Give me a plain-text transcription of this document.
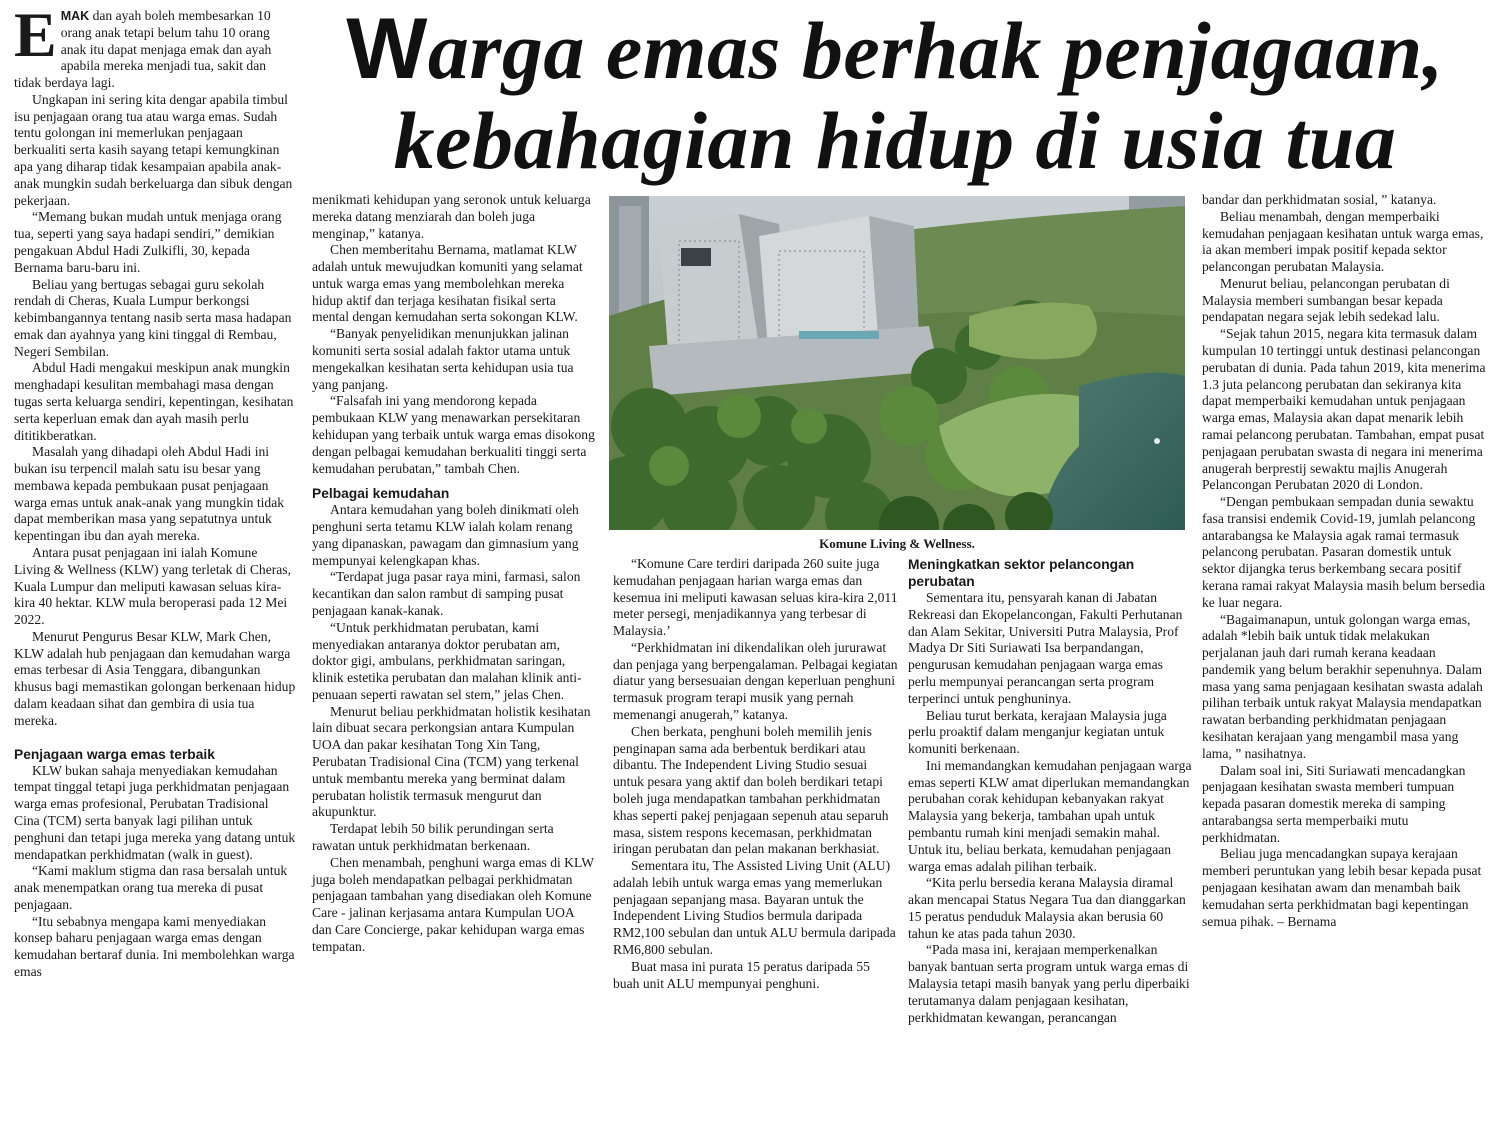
Warga emas berhak penjagaan,
kebahagian hidup di usia tua
Komune Living & Wellness.

EMAK dan ayah boleh membesarkan 10 orang anak tetapi belum tahu 10 orang anak itu dapat menjaga emak dan ayah apabila mereka menjadi tua, sakit dan tidak berdaya lagi.

Ungkapan ini sering kita dengar apabila timbul isu penjagaan orang tua atau warga emas. Sudah tentu golongan ini memerlukan penjagaan berkualiti serta kasih sayang tetapi kemungkinan apa yang diharap tidak kesampaian apabila anak-anak mungkin sudah berkeluarga dan sibuk dengan pekerjaan.

“Memang bukan mudah untuk menjaga orang tua, seperti yang saya hadapi sendiri,” demikian pengakuan Abdul Hadi Zulkifli, 30, kepada Bernama baru-baru ini.

Beliau yang bertugas sebagai guru sekolah rendah di Cheras, Kuala Lumpur berkongsi kebimbangannya tentang nasib serta masa hadapan emak dan ayahnya yang kini tinggal di Rembau, Negeri Sembilan.

Abdul Hadi mengakui meskipun anak mungkin menghadapi kesulitan membahagi masa dengan tugas serta keluarga sendiri, kepentingan, kesihatan serta keperluan emak dan ayah masih perlu dititikberatkan.

Masalah yang dihadapi oleh Abdul Hadi ini bukan isu terpencil malah satu isu besar yang membawa kepada pembukaan pusat penjagaan warga emas untuk anak-anak yang mungkin tidak dapat memberikan masa yang sepatutnya untuk kepentingan ibu dan ayah mereka.

Antara pusat penjagaan ini ialah Komune Living & Wellness (KLW) yang terletak di Cheras, Kuala Lumpur dan meliputi kawasan seluas kira-kira 40 hektar. KLW mula beroperasi pada 12 Mei 2022.

Menurut Pengurus Besar KLW, Mark Chen, KLW adalah hub penjagaan dan kemudahan warga emas terbesar di Asia Tenggara, dibangunkan khusus bagi memastikan golongan berkenaan hidup dalam keadaan sihat dan gembira di usia tua mereka.

Penjagaan warga emas terbaik

KLW bukan sahaja menyediakan kemudahan tempat tinggal tetapi juga perkhidmatan penjagaan warga emas profesional, Perubatan Tradisional Cina (TCM) serta banyak lagi pilihan untuk penghuni dan tetapi juga mereka yang datang untuk mendapatkan perkhidmatan (walk in guest).

“Kami maklum stigma dan rasa bersalah untuk anak menempatkan orang tua mereka di pusat penjagaan.

“Itu sebabnya mengapa kami menyediakan konsep baharu penjagaan warga emas dengan kemudahan bertaraf dunia. Ini membolehkan warga emas

menikmati kehidupan yang seronok untuk keluarga mereka datang menziarah dan boleh juga menginap,” katanya.

Chen memberitahu Bernama, matlamat KLW adalah untuk mewujudkan komuniti yang selamat untuk warga emas yang membolehkan mereka hidup aktif dan terjaga kesihatan fisikal serta mental dengan kemudahan serta sokongan KLW.

“Banyak penyelidikan menunjukkan jalinan komuniti serta sosial adalah faktor utama untuk mengekalkan kesihatan serta kehidupan usia tua yang panjang.

“Falsafah ini yang mendorong kepada pembukaan KLW yang menawarkan persekitaran kehidupan yang terbaik untuk warga emas disokong dengan pelbagai kemudahan berkualiti tinggi serta kemudahan perubatan,” tambah Chen.

Pelbagai kemudahan

Antara kemudahan yang boleh dinikmati oleh penghuni serta tetamu KLW ialah kolam renang yang dipanaskan, pawagam dan gimnasium yang mempunyai kelengkapan khas.

“Terdapat juga pasar raya mini, farmasi, salon kecantikan dan salon rambut di samping pusat penjagaan kanak-kanak.

“Untuk perkhidmatan perubatan, kami menyediakan antaranya doktor perubatan am, doktor gigi, ambulans, perkhidmatan saringan, klinik estetika perubatan dan malahan klinik anti-penuaan seperti rawatan sel stem,” jelas Chen.

Menurut beliau perkhidmatan holistik kesihatan lain dibuat secara perkongsian antara Kumpulan UOA dan pakar kesihatan Tong Xin Tang, Perubatan Tradisional Cina (TCM) yang terkenal untuk membantu mereka yang berminat dalam perubatan holistik termasuk mengurut dan akupunktur.

Terdapat lebih 50 bilik perundingan serta rawatan untuk perkhidmatan berkenaan.

Chen menambah, penghuni warga emas di KLW juga boleh mendapatkan pelbagai perkhidmatan penjagaan tambahan yang disediakan oleh Komune Care - jalinan kerjasama antara Kumpulan UOA dan Care Concierge, pakar kehidupan warga emas tempatan.

“Komune Care terdiri daripada 260 suite juga kemudahan penjagaan harian warga emas dan kesemua ini meliputi kawasan seluas kira-kira 2,011 meter persegi, menjadikannya yang terbesar di Malaysia.’

“Perkhidmatan ini dikendalikan oleh jururawat dan penjaga yang berpengalaman. Pelbagai kegiatan diatur yang bersesuaian dengan keperluan penghuni termasuk program terapi musik yang pernah memenangi anugerah,” katanya.

Chen berkata, penghuni boleh memilih jenis penginapan sama ada berbentuk berdikari atau dibantu. The Independent Living Studio sesuai untuk pesara yang aktif dan boleh berdikari tetapi boleh juga mendapatkan tambahan perkhidmatan khas seperti pakej penjagaan sepenuh atau separuh masa, sistem respons kecemasan, perkhidmatan iringan perubatan dan pelan makanan berkhasiat.

Sementara itu, The Assisted Living Unit (ALU) adalah lebih untuk warga emas yang memerlukan penjagaan sepanjang masa. Bayaran untuk the Independent Living Studios bermula daripada RM2,100 sebulan dan untuk ALU bermula daripada RM6,800 sebulan.

Buat masa ini purata 15 peratus daripada 55 buah unit ALU mempunyai penghuni.

Meningkatkan sektor pelancongan perubatan

Sementara itu, pensyarah kanan di Jabatan Rekreasi dan Ekopelancongan, Fakulti Perhutanan dan Alam Sekitar, Universiti Putra Malaysia, Prof Madya Dr Siti Suriawati Isa berpandangan, pengurusan kemudahan penjagaan warga emas perlu mempunyai perancangan serta program terperinci untuk penghuninya.

Beliau turut berkata, kerajaan Malaysia juga perlu proaktif dalam menganjur kegiatan untuk komuniti berkenaan.

Ini memandangkan kemudahan penjagaan warga emas seperti KLW amat diperlukan memandangkan perubahan corak kehidupan kebanyakan rakyat Malaysia yang bekerja, tambahan upah untuk pembantu rumah kini menjadi semakin mahal. Untuk itu, beliau berkata, kemudahan penjagaan warga emas adalah pilihan terbaik.

“Kita perlu bersedia kerana Malaysia diramal akan mencapai Status Negara Tua dan dianggarkan 15 peratus penduduk Malaysia akan berusia 60 tahun ke atas pada tahun 2030.

“Pada masa ini, kerajaan memperkenalkan banyak bantuan serta program untuk warga emas di Malaysia tetapi masih banyak yang perlu diperbaiki terutamanya dalam penjagaan kesihatan, perkhidmatan kewangan, perancangan

bandar dan perkhidmatan sosial, ” katanya.

Beliau menambah, dengan memperbaiki kemudahan penjagaan kesihatan untuk warga emas, ia akan memberi impak positif kepada sektor pelancongan perubatan Malaysia.

Menurut beliau, pelancongan perubatan di Malaysia memberi sumbangan besar kepada pendapatan negara sejak lebih sedekad lalu.

“Sejak tahun 2015, negara kita termasuk dalam kumpulan 10 tertinggi untuk destinasi pelancongan perubatan di dunia. Pada tahun 2019, kita menerima 1.3 juta pelancong perubatan dan sekiranya kita dapat memperbaiki kemudahan untuk penjagaan warga emas, Malaysia akan dapat menarik lebih ramai pelancong perubatan. Tambahan, empat pusat penjagaan perubatan swasta di negara ini menerima anugerah berprestij sewaktu majlis Anugerah Pelancongan Perubatan 2020 di London.

“Dengan pembukaan sempadan dunia sewaktu fasa transisi endemik Covid-19, jumlah pelancong antarabangsa ke Malaysia agak ramai termasuk pelancong perubatan. Pasaran domestik untuk sektor dijangka terus berkembang secara positif kerana ramai rakyat Malaysia masih belum bersedia ke luar negara.

“Bagaimanapun, untuk golongan warga emas, adalah *lebih baik untuk tidak melakukan perjalanan jauh dari rumah kerana keadaan pandemik yang belum berakhir sepenuhnya. Dalam masa yang sama penjagaan kesihatan swasta adalah pilihan terbaik untuk rakyat Malaysia mendapatkan rawatan berbanding perkhidmatan penjagaan kesihatan kerajaan yang mengambil masa yang lama, ” nasihatnya.

Dalam soal ini, Siti Suriawati mencadangkan penjagaan kesihatan swasta memberi tumpuan kepada pasaran domestik mereka di samping antarabangsa serta memperbaiki mutu perkhidmatan.

Beliau juga mencadangkan supaya kerajaan memberi peruntukan yang lebih besar kepada pusat penjagaan kesihatan awam dan menambah baik kemudahan serta perkhidmatan bagi kepentingan semua pihak. – Bernama
